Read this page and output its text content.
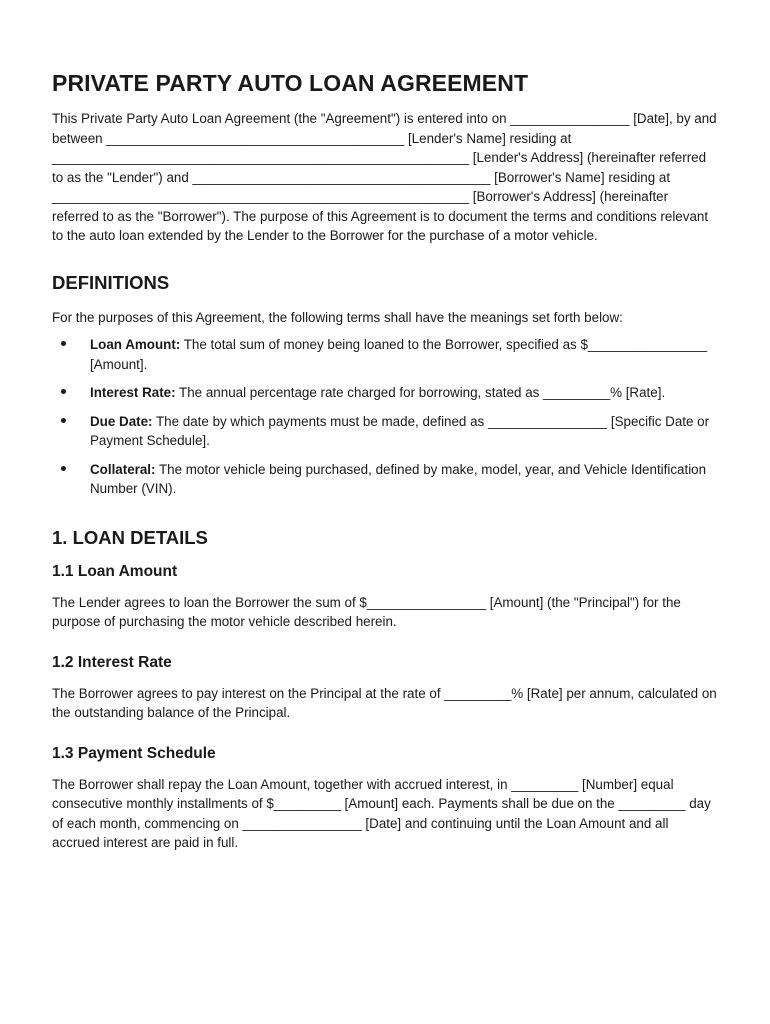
PRIVATE PARTY AUTO LOAN AGREEMENT

This Private Party Auto Loan Agreement (the "Agreement") is entered into on ________________ [Date], by and between ________________________________________ [Lender's Name] residing at ________________________________________________________ [Lender's Address] (hereinafter referred to as the "Lender") and ________________________________________ [Borrower's Name] residing at ________________________________________________________ [Borrower's Address] (hereinafter referred to as the "Borrower"). The purpose of this Agreement is to document the terms and conditions relevant to the auto loan extended by the Lender to the Borrower for the purchase of a motor vehicle.

DEFINITIONS

For the purposes of this Agreement, the following terms shall have the meanings set forth below:

Loan Amount: The total sum of money being loaned to the Borrower, specified as $________________ [Amount].
Interest Rate: The annual percentage rate charged for borrowing, stated as _________% [Rate].
Due Date: The date by which payments must be made, defined as ________________ [Specific Date or Payment Schedule].
Collateral: The motor vehicle being purchased, defined by make, model, year, and Vehicle Identification Number (VIN).
1. LOAN DETAILS
1.1 Loan Amount

The Lender agrees to loan the Borrower the sum of $________________ [Amount] (the "Principal") for the purpose of purchasing the motor vehicle described herein.

1.2 Interest Rate

The Borrower agrees to pay interest on the Principal at the rate of _________% [Rate] per annum, calculated on the outstanding balance of the Principal.

1.3 Payment Schedule

The Borrower shall repay the Loan Amount, together with accrued interest, in _________ [Number] equal consecutive monthly installments of $_________ [Amount] each. Payments shall be due on the _________ day of each month, commencing on ________________ [Date] and continuing until the Loan Amount and all accrued interest are paid in full.
